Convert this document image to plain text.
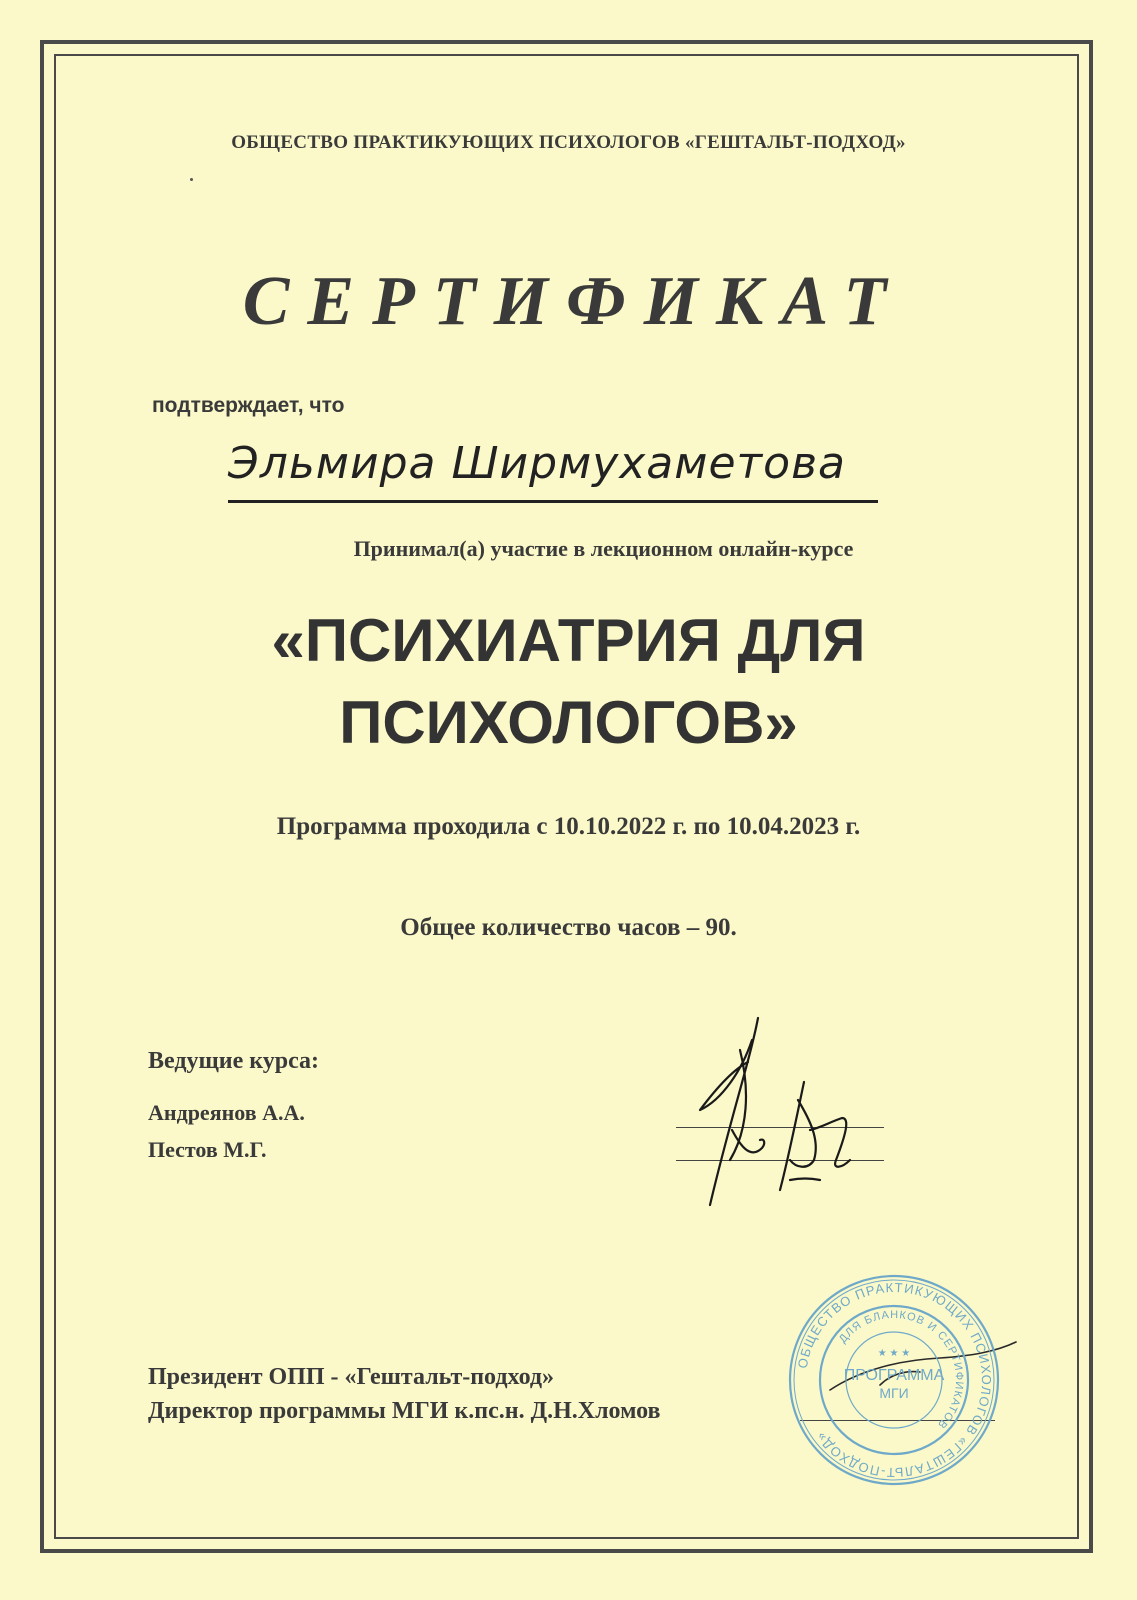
ОБЩЕСТВО ПРАКТИКУЮЩИХ ПСИХОЛОГОВ «ГЕШТАЛЬТ-ПОДХОД»
СЕРТИФИКАТ
подтверждает, что
Эльмира Ширмухаметова
Принимал(а) участие в лекционном онлайн-курсе
«ПСИХИАТРИЯ ДЛЯ
ПСИХОЛОГОВ»
Программа проходила с 10.10.2022 г. по 10.04.2023 г.
Общее количество часов – 90.
Ведущие курса:
Андреянов А.А.
Пестов М.Г.
Президент ОПП - «Гештальт-подход»
Директор программы МГИ к.пс.н. Д.Н.Хломов
ОБЩЕСТВО ПРАКТИКУЮЩИХ ПСИХОЛОГОВ «ГЕШТАЛЬТ-ПОДХОД»
ДЛЯ БЛАНКОВ И СЕРТИФИКАТОВ
ПРОГРАММА
МГИ
★ ★ ★
